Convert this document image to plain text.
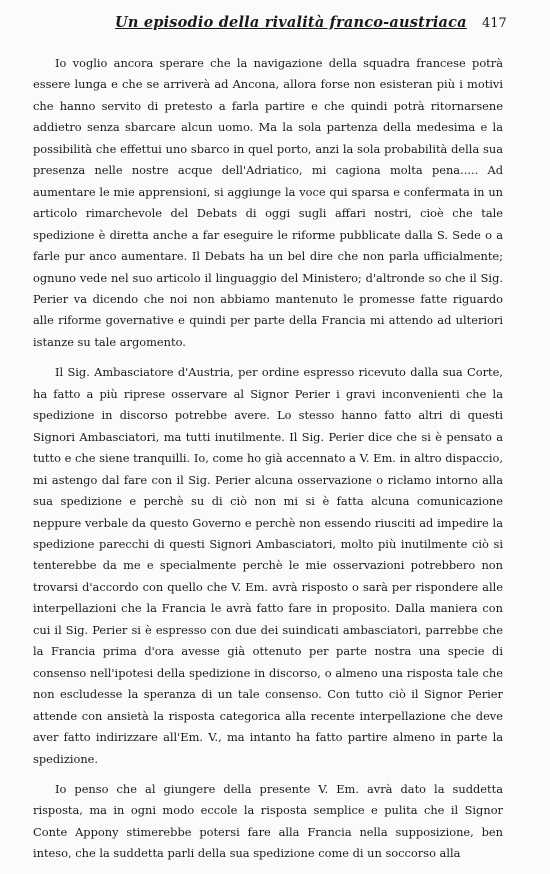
Un episodio della rivalità franco-austriaca 417

Io voglio ancora sperare che la navigazione della squadra francese potrà essere lunga e che se arriverà ad Ancona, allora forse non esisteran più i motivi che hanno servito di pretesto a farla partire e che quindi potrà ritornarsene addietro senza sbarcare alcun uomo. Ma la sola partenza della medesima e la possibilità che effettui uno sbarco in quel porto, anzi la sola probabilità della sua presenza nelle nostre acque dell'Adriatico, mi cagiona molta pena..... Ad aumentare le mie apprensioni, si aggiunge la voce qui sparsa e confermata in un articolo rimarchevole del Debats di oggi sugli affari nostri, cioè che tale spedizione è diretta anche a far eseguire le riforme pubblicate dalla S. Sede o a farle pur anco aumentare. Il Debats ha un bel dire che non parla ufficialmente; ognuno vede nel suo articolo il linguaggio del Ministero; d'altronde so che il Sig. Perier va dicendo che noi non abbiamo mantenuto le promesse fatte riguardo alle riforme governative e quindi per parte della Francia mi attendo ad ulteriori istanze su tale argomento.

Il Sig. Ambasciatore d'Austria, per ordine espresso ricevuto dalla sua Corte, ha fatto a più riprese osservare al Signor Perier i gravi inconvenienti che la spedizione in discorso potrebbe avere. Lo stesso hanno fatto altri di questi Signori Ambasciatori, ma tutti inutilmente. Il Sig. Perier dice che si è pensato a tutto e che siene tranquilli. Io, come ho già accennato a V. Em. in altro dispaccio, mi astengo dal fare con il Sig. Perier alcuna osservazione o ricłamo intorno alla sua spedizione e perchè su di ciò non mi si è fatta alcuna comunicazione neppure verbale da questo Governo e perchè non essendo riusciti ad impedire la spedizione parecchi di questi Signori Ambasciatori, molto più inutilmente ciò si tenterebbe da me e specialmente perchè le mie osservazioni potrebbero non trovarsi d'accordo con quello che V. Em. avrà risposto o sarà per rispondere alle interpellazioni che la Francia le avrà fatto fare in proposito. Dalla maniera con cui il Sig. Perier si è espresso con due dei suindicati ambasciatori, parrebbe che la Francia prima d'ora avesse già ottenuto per parte nostra una specie di consenso nell'ipotesi della spedizione in discorso, o almeno una risposta tale che non escludesse la speranza di un tale consenso. Con tutto ciò il Signor Perier attende con ansietà la risposta categorica alla recente interpellazione che deve aver fatto indirizzare all'Em. V., ma intanto ha fatto partire almeno in parte la spedizione.

Io penso che al giungere della presente V. Em. avrà dato la suddetta risposta, ma in ogni modo eccole la risposta semplice e pulita che il Signor Conte Appony stimerebbe potersi fare alla Francia nella supposizione, ben inteso, che la suddetta parli della sua spedizione come di un soccorso alla
